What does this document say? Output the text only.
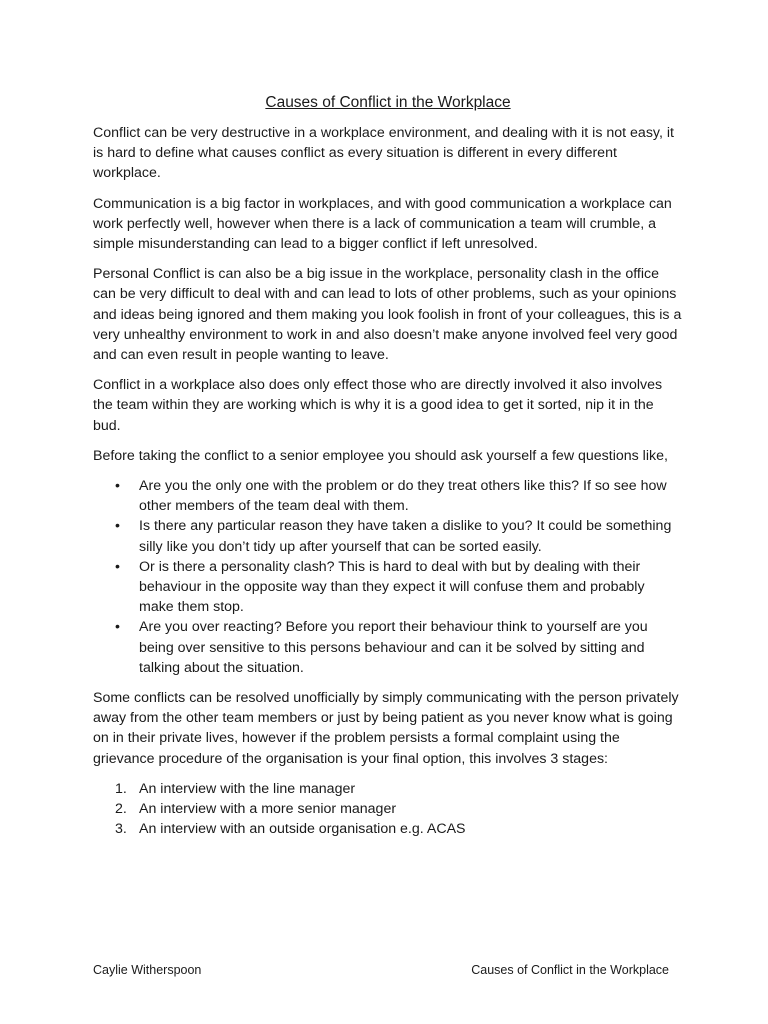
Causes of Conflict in the Workplace

Conflict can be very destructive in a workplace environment, and dealing with it is not easy, it is hard to define what causes conflict as every situation is different in every different workplace.

Communication is a big factor in workplaces, and with good communication a workplace can work perfectly well, however when there is a lack of communication a team will crumble, a simple misunderstanding can lead to a bigger conflict if left unresolved.

Personal Conflict is can also be a big issue in the workplace, personality clash in the office can be very difficult to deal with and can lead to lots of other problems, such as your opinions and ideas being ignored and them making you look foolish in front of your colleagues, this is a very unhealthy environment to work in and also doesn’t make anyone involved feel very good and can even result in people wanting to leave.

Conflict in a workplace also does only effect those who are directly involved it also involves the team within they are working which is why it is a good idea to get it sorted, nip it in the bud.

Before taking the conflict to a senior employee you should ask yourself a few questions like,

• Are you the only one with the problem or do they treat others like this? If so see how other members of the team deal with them.
• Is there any particular reason they have taken a dislike to you? It could be something silly like you don’t tidy up after yourself that can be sorted easily.
• Or is there a personality clash? This is hard to deal with but by dealing with their behaviour in the opposite way than they expect it will confuse them and probably make them stop.
• Are you over reacting? Before you report their behaviour think to yourself are you being over sensitive to this persons behaviour and can it be solved by sitting and talking about the situation.

Some conflicts can be resolved unofficially by simply communicating with the person privately away from the other team members or just by being patient as you never know what is going on in their private lives, however if the problem persists a formal complaint using the grievance procedure of the organisation is your final option, this involves 3 stages:

1. An interview with the line manager
2. An interview with a more senior manager
3. An interview with an outside organisation e.g. ACAS
Caylie Witherspoon	Causes of Conflict in the Workplace
